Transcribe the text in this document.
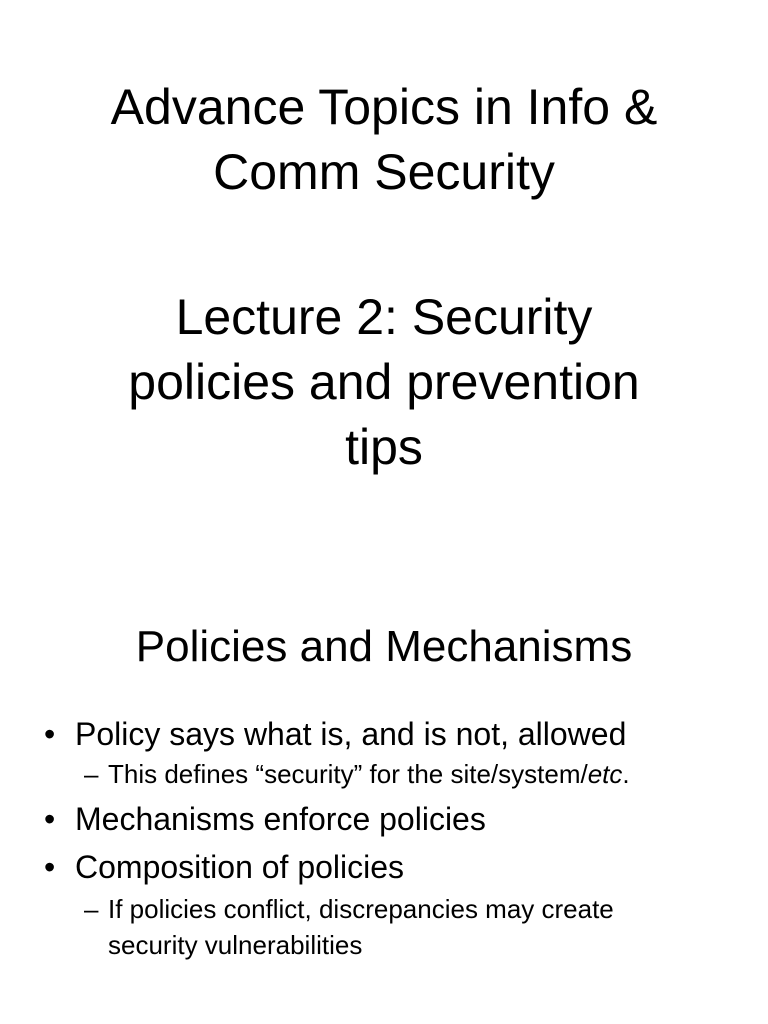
Advance Topics in Info &
Comm Security
Lecture 2: Security
policies and prevention
tips
Policies and Mechanisms
• Policy says what is, and is not, allowed
– This defines “security” for the site/system/etc.
• Mechanisms enforce policies
• Composition of policies
– If policies conflict, discrepancies may create
security vulnerabilities
